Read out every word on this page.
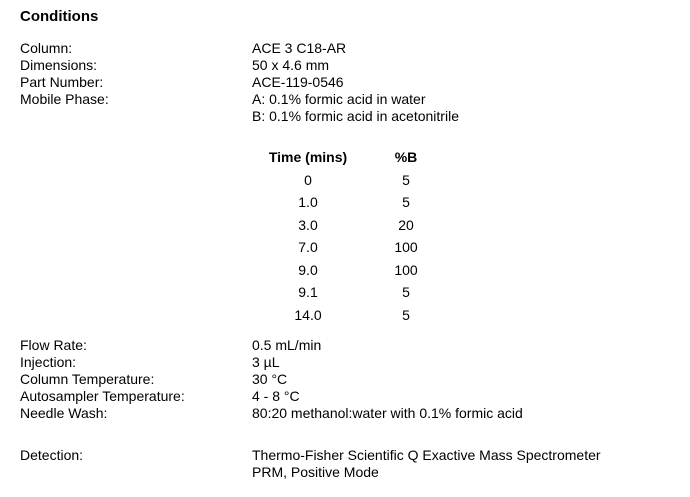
Conditions
Column:	ACE 3 C18-AR
Dimensions:	50 x 4.6 mm
Part Number:	ACE-119-0546
Mobile Phase:	A: 0.1% formic acid in water
B: 0.1% formic acid in acetonitrile
Time (mins)	%B
0	5
1.0	5
3.0	20
7.0	100
9.0	100
9.1	5
14.0	5
Flow Rate:	0.5 mL/min
Injection:	3 µL
Column Temperature:	30 °C
Autosampler Temperature:	4 - 8 °C
Needle Wash:	80:20 methanol:water with 0.1% formic acid
Detection:	Thermo-Fisher Scientific Q Exactive Mass Spectrometer
PRM, Positive Mode
